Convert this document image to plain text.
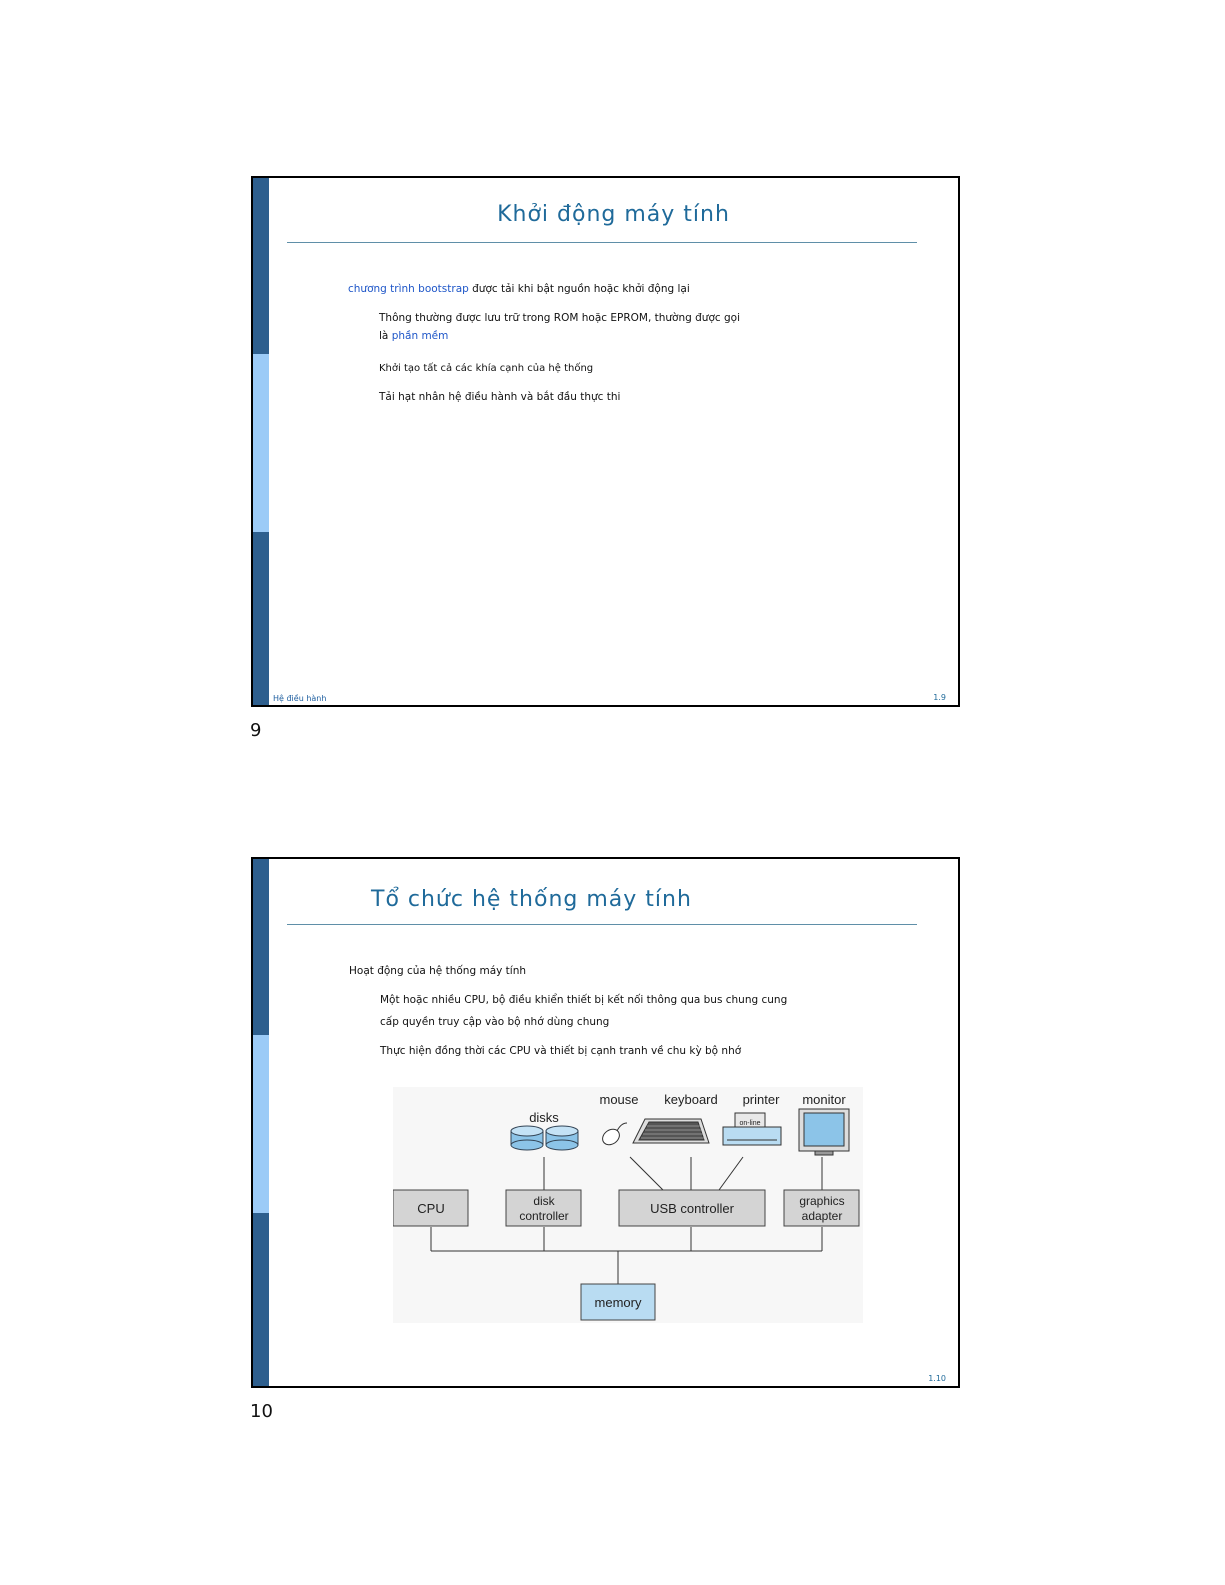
Khởi động máy tính
chương trình bootstrap được tải khi bật nguồn hoặc khởi động lại
Thông thường được lưu trữ trong ROM hoặc EPROM, thường được gọi
là phần mềm
Khởi tạo tất cả các khía cạnh của hệ thống
Tải hạt nhân hệ điều hành và bắt đầu thực thi
Hệ điều hành	1.9
9
Tổ chức hệ thống máy tính
Hoạt động của hệ thống máy tính
Một hoặc nhiều CPU, bộ điều khiển thiết bị kết nối thông qua bus chung cung
cấp quyền truy cập vào bộ nhớ dùng chung
Thực hiện đồng thời các CPU và thiết bị cạnh tranh về chu kỳ bộ nhớ
CPU	disk
controller	USB controller	graphics
adapter
memory
disks
mouse keyboard printer monitor
on-line
1.10
10
